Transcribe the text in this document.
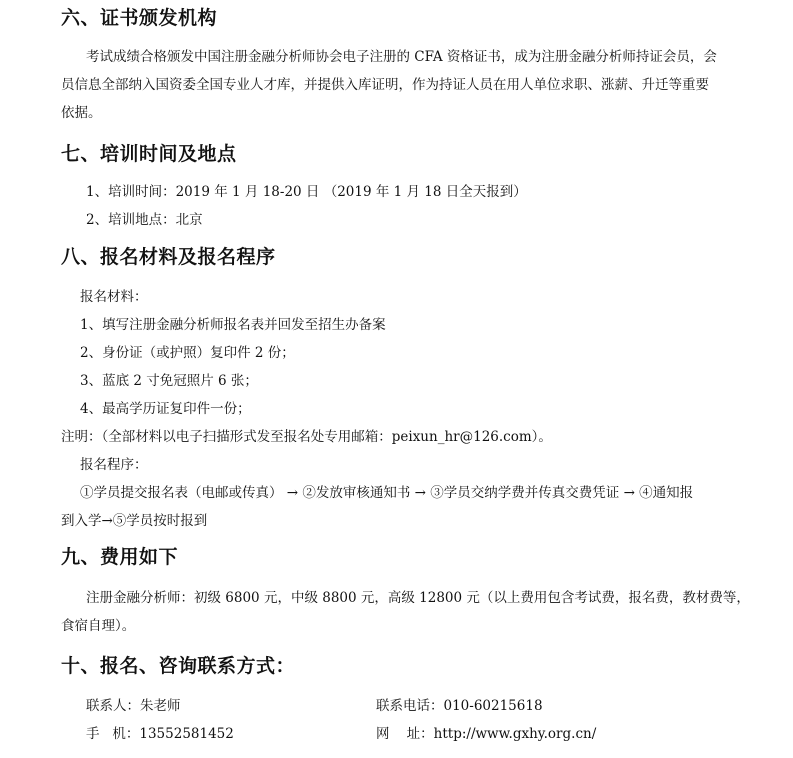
六、证书颁发机构
考试成绩合格颁发中国注册金融分析师协会电子注册的 CFA 资格证书，成为注册金融分析师持证会员，会
员信息全部纳入国资委全国专业人才库，并提供入库证明，作为持证人员在用人单位求职、涨薪、升迁等重要
依据。
七、培训时间及地点
1、培训时间：2019 年 1 月 18-20 日 （2019 年 1 月 18 日全天报到）
2、培训地点：北京
八、报名材料及报名程序
报名材料：
1、填写注册金融分析师报名表并回发至招生办备案
2、身份证（或护照）复印件 2 份；
3、蓝底 2 寸免冠照片 6 张；
4、最高学历证复印件一份；
注明：（全部材料以电子扫描形式发至报名处专用邮箱：peixun_hr@126.com）。
报名程序：
①学员提交报名表（电邮或传真） → ②发放审核通知书 → ③学员交纳学费并传真交费凭证 → ④通知报
到入学→⑤学员按时报到
九、费用如下
注册金融分析师：初级 6800 元，中级 8800 元，高级 12800 元（以上费用包含考试费，报名费，教材费等，
食宿自理）。
十、报名、咨询联系方式：
联系人：朱老师	联系电话：010-60215618
手   机：13552581452	网    址：http://www.gxhy.org.cn/
